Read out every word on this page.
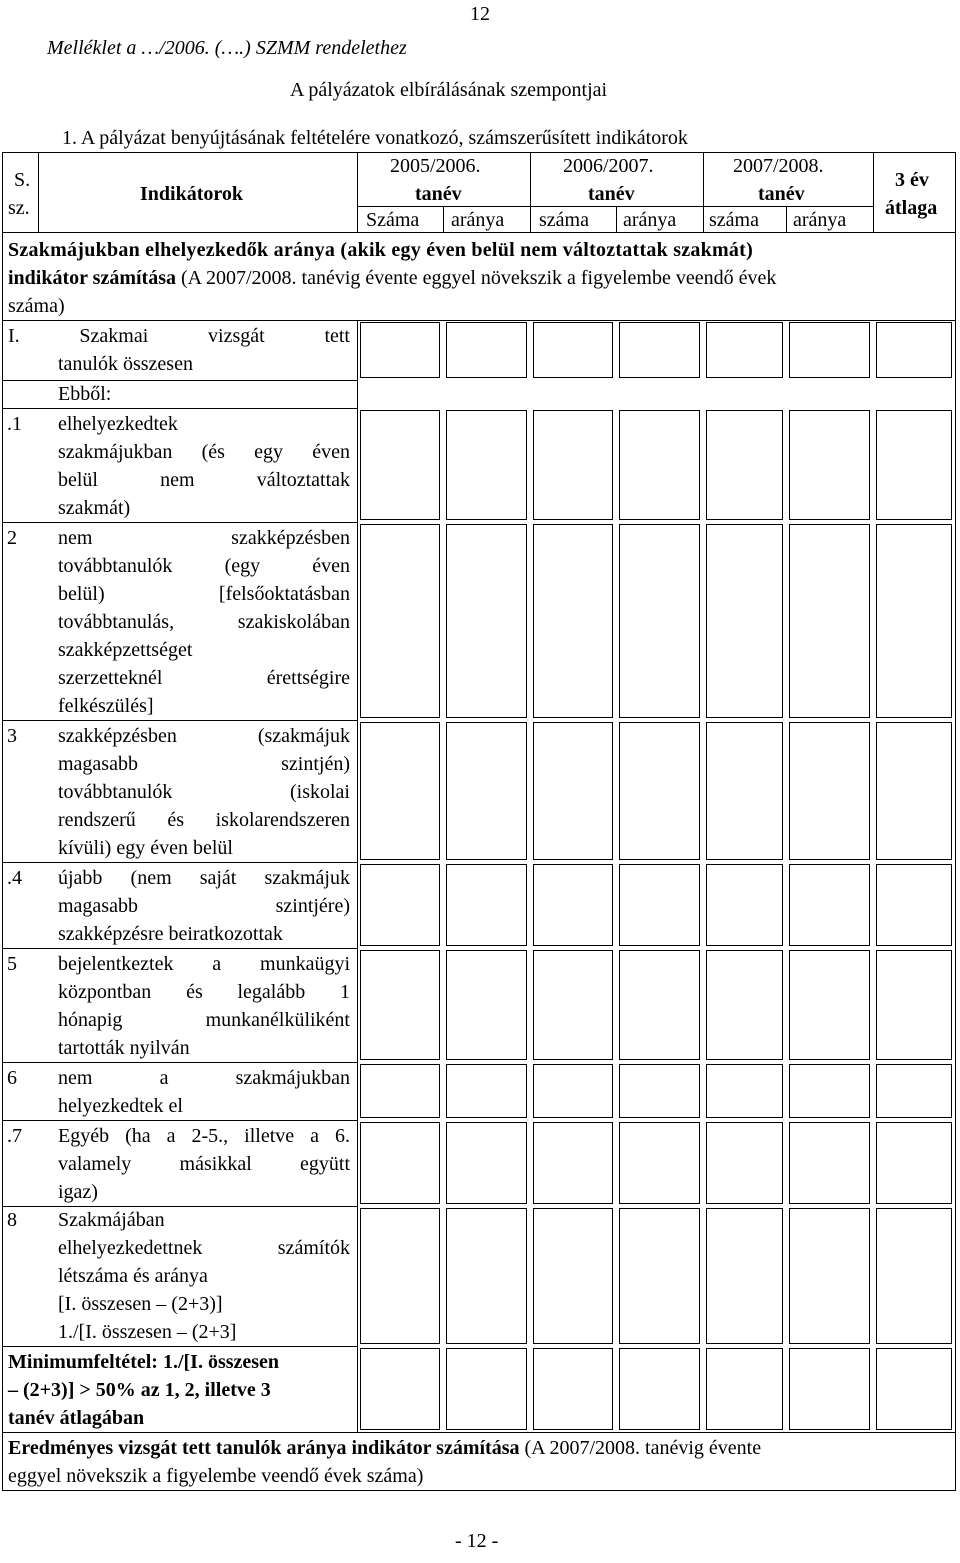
12
Melléklet a …/2006. (….) SZMM rendelethez
A pályázatok elbírálásának szempontjai
1. A pályázat benyújtásának feltételére vonatkozó, számszerűsített indikátorok
S.
sz.
Indikátorok
2005/2006.
tanév
2006/2007.
tanév
2007/2008.
tanév
Száma aránya száma aránya száma aránya
3 év
átlaga
Szakmájukban elhelyezkedők aránya (akik egy éven belül nem változtattak szakmát)
indikátor számítása (A 2007/2008. tanévig évente eggyel növekszik a figyelembe veendő évek
száma)
I. Szakmai vizsgát tett
tanulók összesen
Ebből:
.1 elhelyezkedtek
szakmájukban (és egy éven
belül nem változtattak
szakmát)
2 nem szakképzésben
továbbtanulók (egy éven
belül) [felsőoktatásban
továbbtanulás, szakiskolában
szakképzettséget
szerzetteknél érettségire
felkészülés]
3 szakképzésben (szakmájuk
magasabb szintjén)
továbbtanulók (iskolai
rendszerű és iskolarendszeren
kívüli) egy éven belül
.4 újabb (nem saját szakmájuk
magasabb szintjére)
szakképzésre beiratkozottak
5 bejelentkeztek a munkaügyi
központban és legalább 1
hónapig munkanélküliként
tartották nyilván
6 nem a szakmájukban
helyezkedtek el
.7 Egyéb (ha a 2-5., illetve a 6.
valamely másikkal együtt
igaz)
8 Szakmájában
elhelyezkedettnek számítók
létszáma és aránya
[I. összesen – (2+3)]
1./[I. összesen – (2+3]
Minimumfeltétel: 1./[I. összesen
– (2+3)] > 50% az 1, 2, illetve 3
tanév átlagában
Eredményes vizsgát tett tanulók aránya indikátor számítása (A 2007/2008. tanévig évente
eggyel növekszik a figyelembe veendő évek száma)
- 12 -
